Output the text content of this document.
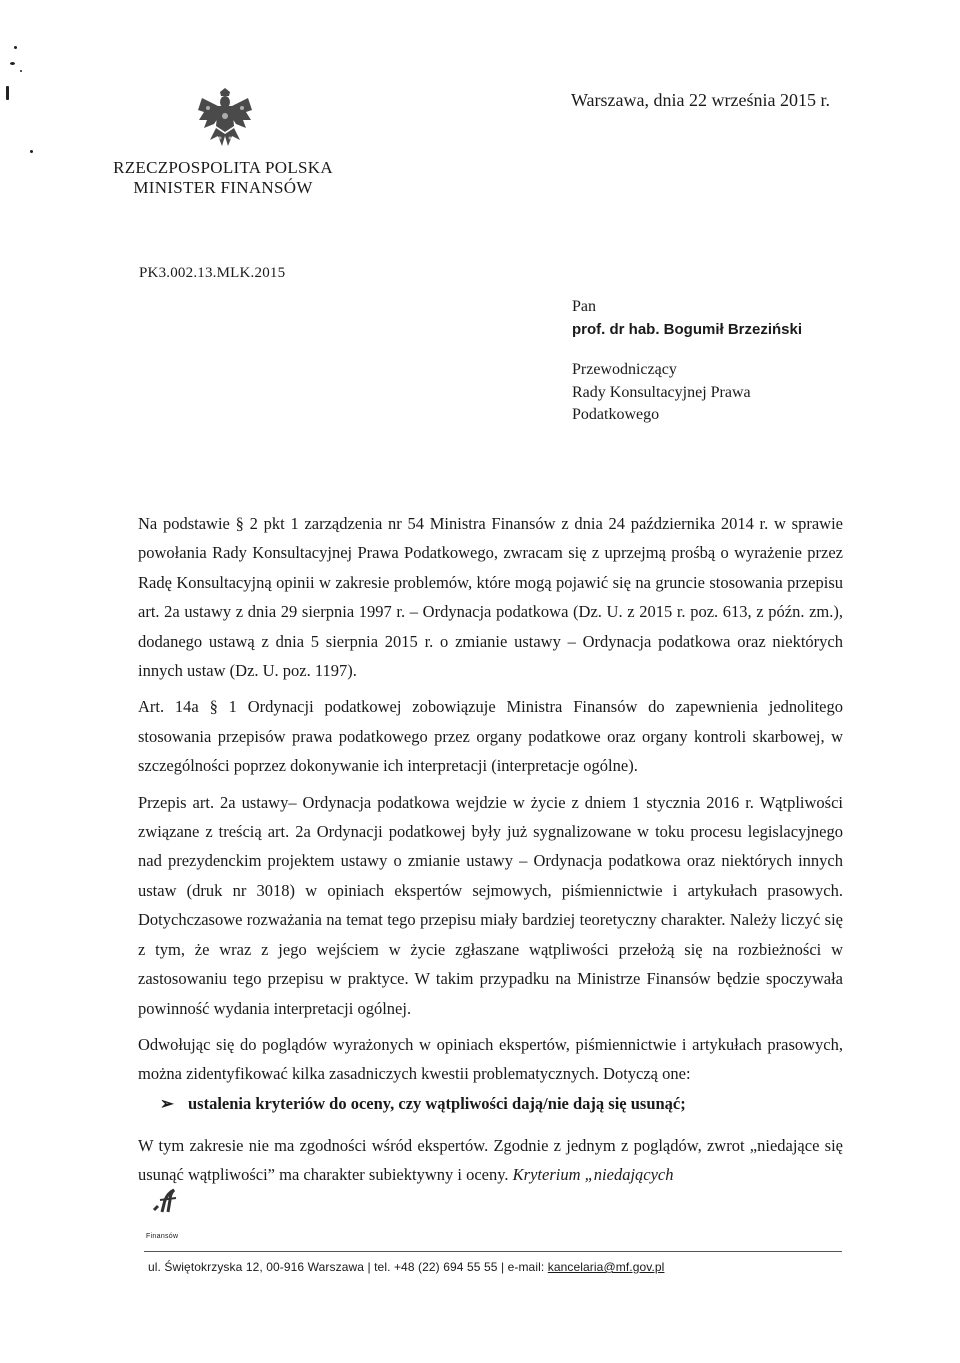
RZECZPOSPOLITA POLSKA
MINISTER FINANSÓW
Warszawa, dnia 22 września 2015 r.
PK3.002.13.MLK.2015
Pan
prof. dr hab. Bogumił Brzeziński
Przewodniczący
Rady Konsultacyjnej Prawa
Podatkowego

Na podstawie § 2 pkt 1 zarządzenia nr 54 Ministra Finansów z dnia 24 października 2014 r. w sprawie powołania Rady Konsultacyjnej Prawa Podatkowego, zwracam się z uprzejmą prośbą o wyrażenie przez Radę Konsultacyjną opinii w zakresie problemów, które mogą pojawić się na gruncie stosowania przepisu art. 2a ustawy z dnia 29 sierpnia 1997 r. – Ordynacja podatkowa (Dz. U. z 2015 r. poz. 613, z późn. zm.), dodanego ustawą z dnia 5 sierpnia 2015 r. o zmianie ustawy – Ordynacja podatkowa oraz niektórych innych ustaw (Dz. U. poz. 1197).

Art. 14a § 1 Ordynacji podatkowej zobowiązuje Ministra Finansów do zapewnienia jednolitego stosowania przepisów prawa podatkowego przez organy podatkowe oraz organy kontroli skarbowej, w szczególności poprzez dokonywanie ich interpretacji (interpretacje ogólne).

Przepis art. 2a ustawy– Ordynacja podatkowa wejdzie w życie z dniem 1 stycznia 2016 r. Wątpliwości związane z treścią art. 2a Ordynacji podatkowej były już sygnalizowane w toku procesu legislacyjnego nad prezydenckim projektem ustawy o zmianie ustawy – Ordynacja podatkowa oraz niektórych innych ustaw (druk nr 3018) w opiniach ekspertów sejmowych, piśmiennictwie i artykułach prasowych. Dotychczasowe rozważania na temat tego przepisu miały bardziej teoretyczny charakter. Należy liczyć się z tym, że wraz z jego wejściem w życie zgłaszane wątpliwości przełożą się na rozbieżności w zastosowaniu tego przepisu w praktyce. W takim przypadku na Ministrze Finansów będzie spoczywała powinność wydania interpretacji ogólnej.

Odwołując się do poglądów wyrażonych w opiniach ekspertów, piśmiennictwie i artykułach prasowych, można zidentyfikować kilka zasadniczych kwestii problematycznych. Dotyczą one:

➢ ustalenia kryteriów do oceny, czy wątpliwości dają/nie dają się usunąć;

W tym zakresie nie ma zgodności wśród ekspertów. Zgodnie z jednym z poglądów, zwrot „niedające się usunąć wątpliwości” ma charakter subiektywny i oceny. Kryterium „niedających

Finansów
ul. Świętokrzyska 12, 00-916 Warszawa | tel. +48 (22) 694 55 55 | e-mail: kancelaria@mf.gov.pl
